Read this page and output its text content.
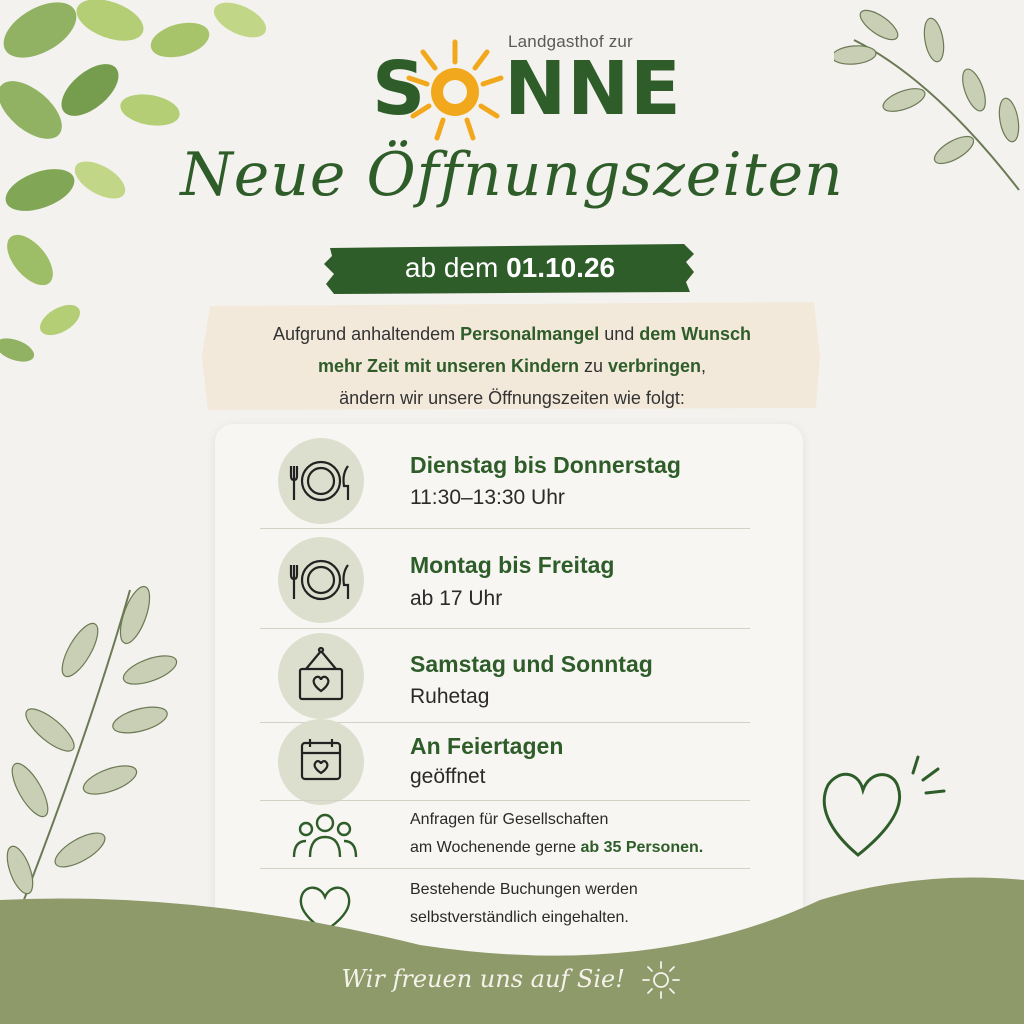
Landgasthof zur
S NNE
Neue Öffnungszeiten
ab dem 01.10.26
Aufgrund anhaltendem Personalmangel und dem Wunsch
mehr Zeit mit unseren Kindern zu verbringen,
ändern wir unsere Öffnungszeiten wie folgt:
Dienstag bis Donnerstag
11:30–13:30 Uhr
Montag bis Freitag
ab 17 Uhr
Samstag und Sonntag
Ruhetag
An Feiertagen
geöffnet
Anfragen für Gesellschaften
am Wochenende gerne ab 35 Personen.
Bestehende Buchungen werden
selbstverständlich eingehalten.
Wir freuen uns auf Sie!
